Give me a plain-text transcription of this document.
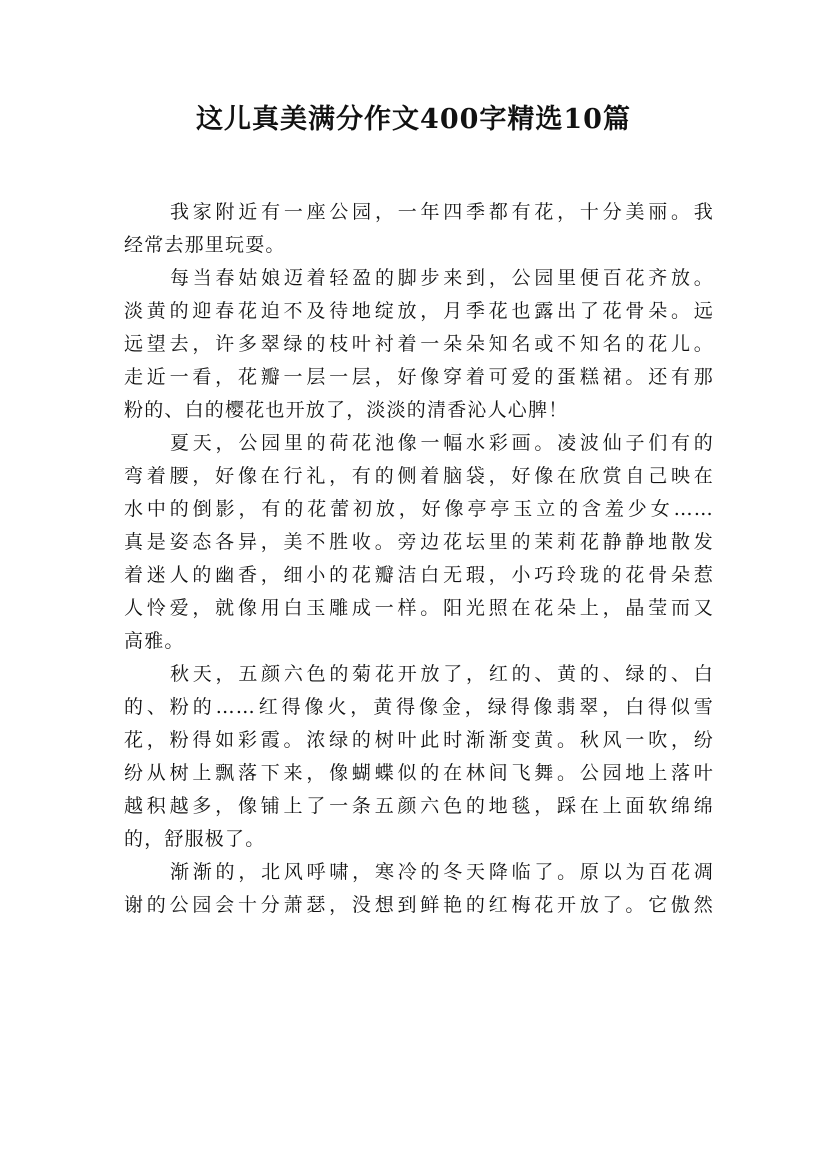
这儿真美满分作文400字精选10篇
我家附近有一座公园，一年四季都有花，十分美丽。我
经常去那里玩耍。
每当春姑娘迈着轻盈的脚步来到，公园里便百花齐放。
淡黄的迎春花迫不及待地绽放，月季花也露出了花骨朵。远
远望去，许多翠绿的枝叶衬着一朵朵知名或不知名的花儿。
走近一看，花瓣一层一层，好像穿着可爱的蛋糕裙。还有那
粉的、白的樱花也开放了，淡淡的清香沁人心脾！
夏天，公园里的荷花池像一幅水彩画。凌波仙子们有的
弯着腰，好像在行礼，有的侧着脑袋，好像在欣赏自己映在
水中的倒影，有的花蕾初放，好像亭亭玉立的含羞少女……
真是姿态各异，美不胜收。旁边花坛里的茉莉花静静地散发
着迷人的幽香，细小的花瓣洁白无瑕，小巧玲珑的花骨朵惹
人怜爱，就像用白玉雕成一样。阳光照在花朵上，晶莹而又
高雅。
秋天，五颜六色的菊花开放了，红的、黄的、绿的、白
的、粉的……红得像火，黄得像金，绿得像翡翠，白得似雪
花，粉得如彩霞。浓绿的树叶此时渐渐变黄。秋风一吹，纷
纷从树上飘落下来，像蝴蝶似的在林间飞舞。公园地上落叶
越积越多，像铺上了一条五颜六色的地毯，踩在上面软绵绵
的，舒服极了。
渐渐的，北风呼啸，寒冷的冬天降临了。原以为百花凋
谢的公园会十分萧瑟，没想到鲜艳的红梅花开放了。它傲然
